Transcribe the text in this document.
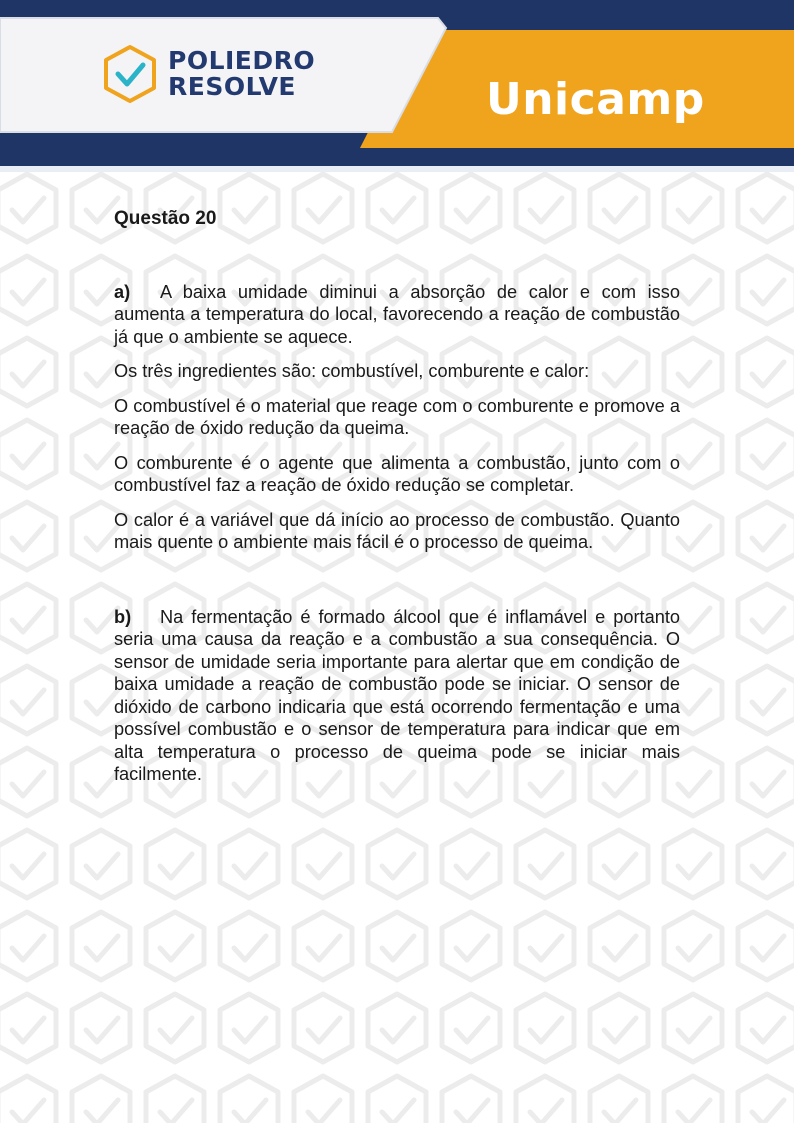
POLIEDRO
RESOLVE	Unicamp
Questão 20

a) A baixa umidade diminui a absorção de calor e com isso aumenta a temperatura do local, favorecendo a reação de combustão já que o ambiente se aquece.

Os três ingredientes são: combustível, comburente e calor:

O combustível é o material que reage com o comburente e promove a reação de óxido redução da queima.

O comburente é o agente que alimenta a combustão, junto com o combustível faz a reação de óxido redução se completar.

O calor é a variável que dá início ao processo de combustão. Quanto mais quente o ambiente mais fácil é o processo de queima.

b) Na fermentação é formado álcool que é inflamável e portanto seria uma causa da reação e a combustão a sua consequência. O sensor de umidade seria importante para alertar que em condição de baixa umidade a reação de combustão pode se iniciar. O sensor de dióxido de carbono indicaria que está ocorrendo fermentação e uma possível combustão e o sensor de temperatura para indicar que em alta temperatura o processo de queima pode se iniciar mais facilmente.
